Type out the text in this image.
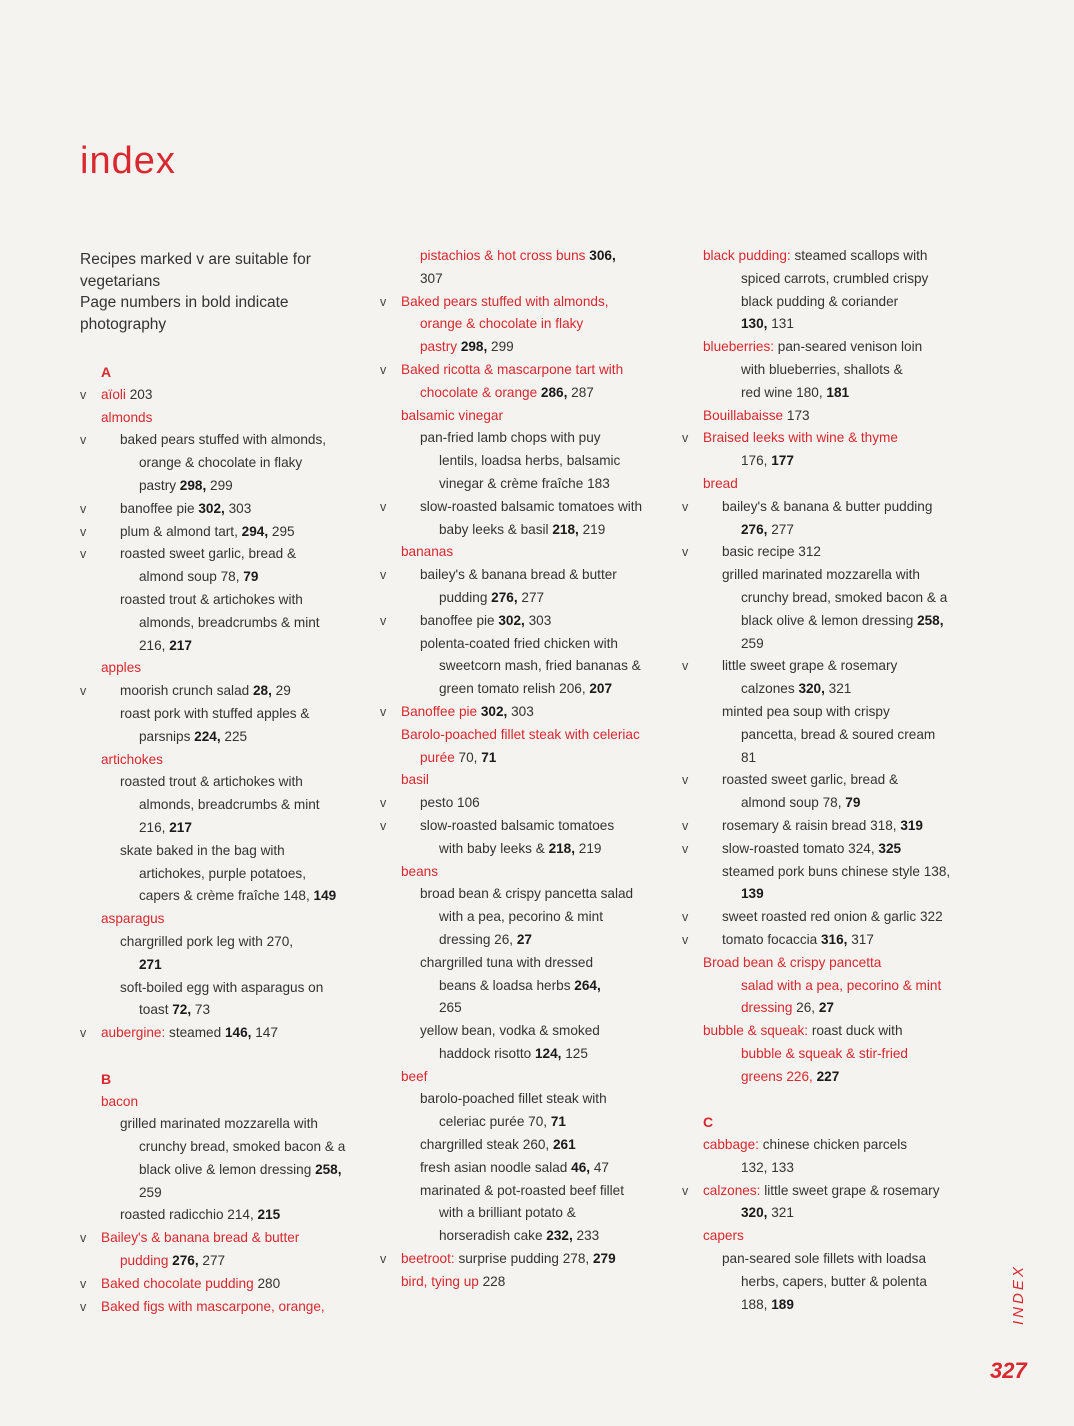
index
Recipes marked v are suitable for
vegetarians
Page numbers in bold indicate
photography
A
v aïoli 203
almonds
v baked pears stuffed with almonds,
orange & chocolate in flaky
pastry 298, 299
v banoffee pie 302, 303
v plum & almond tart, 294, 295
v roasted sweet garlic, bread &
almond soup 78, 79
roasted trout & artichokes with
almonds, breadcrumbs & mint
216, 217
apples
v moorish crunch salad 28, 29
roast pork with stuffed apples &
parsnips 224, 225
artichokes
roasted trout & artichokes with
almonds, breadcrumbs & mint
216, 217
skate baked in the bag with
artichokes, purple potatoes,
capers & crème fraîche 148, 149
asparagus
chargrilled pork leg with 270,
271
soft-boiled egg with asparagus on
toast 72, 73
v aubergine: steamed 146, 147
B
bacon
grilled marinated mozzarella with
crunchy bread, smoked bacon & a
black olive & lemon dressing 258,
259
roasted radicchio 214, 215
v Bailey's & banana bread & butter
pudding 276, 277
v Baked chocolate pudding 280
v Baked figs with mascarpone, orange,
pistachios & hot cross buns 306,
307
v Baked pears stuffed with almonds,
orange & chocolate in flaky
pastry 298, 299
v Baked ricotta & mascarpone tart with
chocolate & orange 286, 287
balsamic vinegar
pan-fried lamb chops with puy
lentils, loadsa herbs, balsamic
vinegar & crème fraîche 183
v slow-roasted balsamic tomatoes with
baby leeks & basil 218, 219
bananas
v bailey's & banana bread & butter
pudding 276, 277
v banoffee pie 302, 303
polenta-coated fried chicken with
sweetcorn mash, fried bananas &
green tomato relish 206, 207
v Banoffee pie 302, 303
Barolo-poached fillet steak with celeriac
purée 70, 71
basil
v pesto 106
v slow-roasted balsamic tomatoes
with baby leeks & 218, 219
beans
broad bean & crispy pancetta salad
with a pea, pecorino & mint
dressing 26, 27
chargrilled tuna with dressed
beans & loadsa herbs 264,
265
yellow bean, vodka & smoked
haddock risotto 124, 125
beef
barolo-poached fillet steak with
celeriac purée 70, 71
chargrilled steak 260, 261
fresh asian noodle salad 46, 47
marinated & pot-roasted beef fillet
with a brilliant potato &
horseradish cake 232, 233
v beetroot: surprise pudding 278, 279
bird, tying up 228
black pudding: steamed scallops with
spiced carrots, crumbled crispy
black pudding & coriander
130, 131
blueberries: pan-seared venison loin
with blueberries, shallots &
red wine 180, 181
Bouillabaisse 173
v Braised leeks with wine & thyme
176, 177
bread
v bailey's & banana & butter pudding
276, 277
v basic recipe 312
grilled marinated mozzarella with
crunchy bread, smoked bacon & a
black olive & lemon dressing 258,
259
v little sweet grape & rosemary
calzones 320, 321
minted pea soup with crispy
pancetta, bread & soured cream
81
v roasted sweet garlic, bread &
almond soup 78, 79
v rosemary & raisin bread 318, 319
v slow-roasted tomato 324, 325
steamed pork buns chinese style 138,
139
v sweet roasted red onion & garlic 322
v tomato focaccia 316, 317
Broad bean & crispy pancetta
salad with a pea, pecorino & mint
dressing 26, 27
bubble & squeak: roast duck with
bubble & squeak & stir-fried
greens 226, 227
C
cabbage: chinese chicken parcels
132, 133
v calzones: little sweet grape & rosemary
320, 321
capers
pan-seared sole fillets with loadsa
herbs, capers, butter & polenta
188, 189	INDEX
327
